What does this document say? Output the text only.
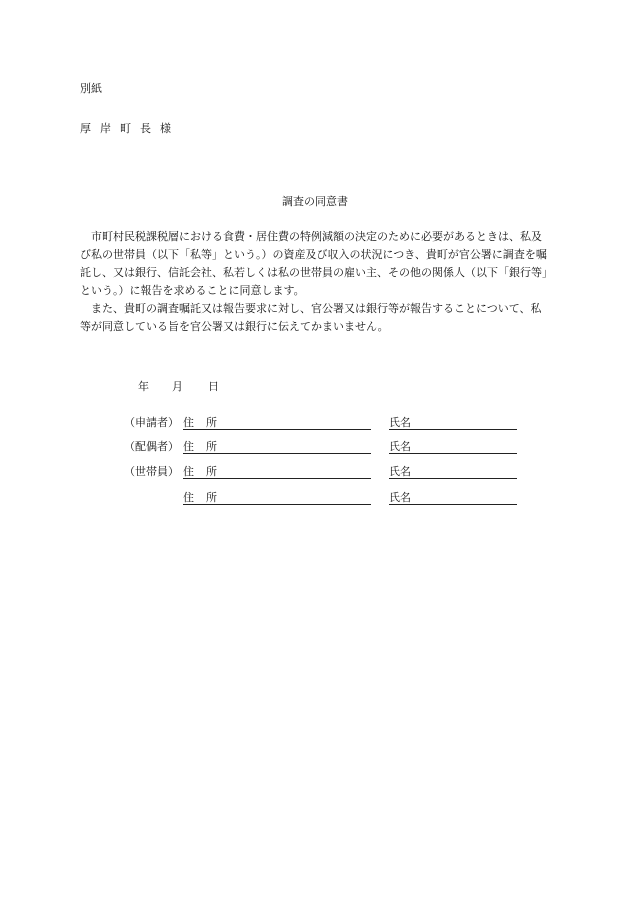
別紙
厚岸町長様
調査の同意書

市町村民税課税層における食費・居住費の特例減額の決定のために必要があるときは、私及び私の世帯員（以下「私等」という。）の資産及び収入の状況につき、貴町が官公署に調査を嘱託し、又は銀行、信託会社、私若しくは私の世帯員の雇い主、その他の関係人（以下「銀行等」という。）に報告を求めることに同意します。

また、貴町の調査嘱託又は報告要求に対し、官公署又は銀行等が報告することについて、私等が同意している旨を官公署又は銀行に伝えてかまいません。

年 月 日
（申請者） 住所	氏名
（配偶者） 住所	氏名
（世帯員） 住所	氏名
住所	氏名
